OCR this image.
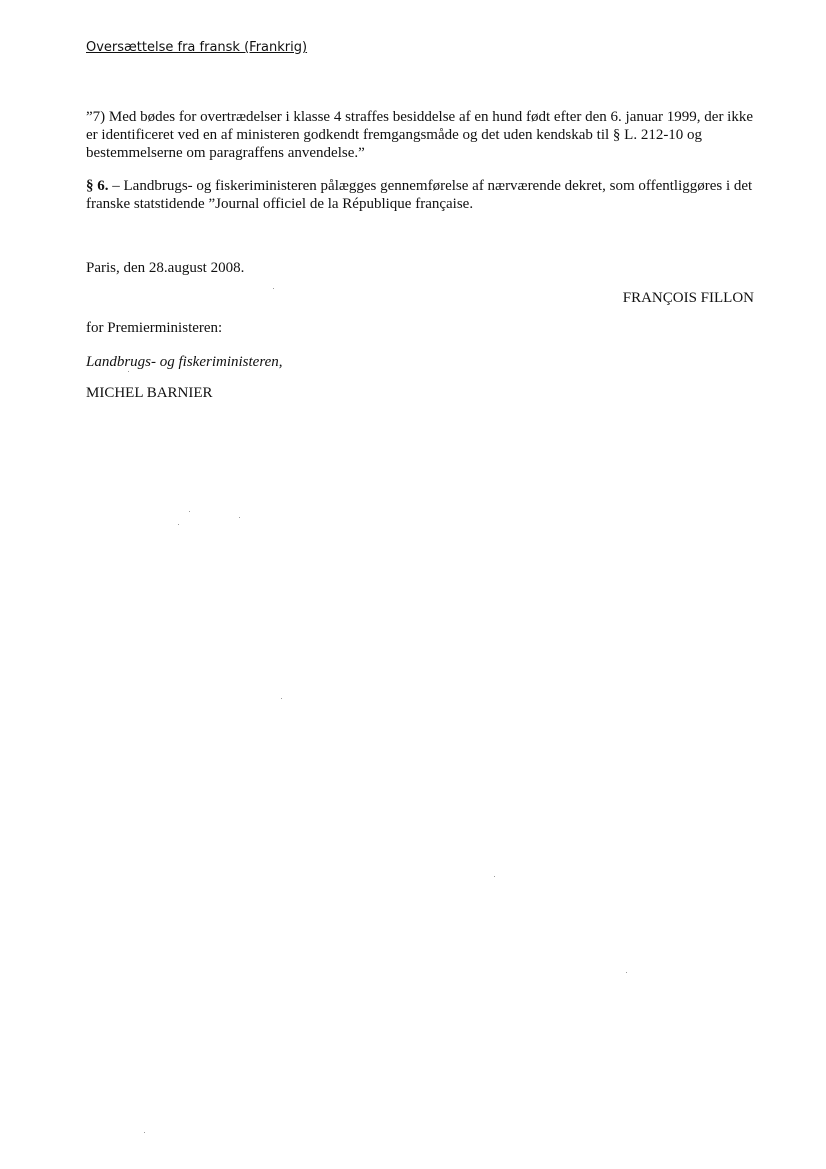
Oversættelse fra fransk (Frankrig)

”7) Med bødes for overtrædelser i klasse 4 straffes besiddelse af en hund født efter den 6. januar 1999, der ikke er identificeret ved en af ministeren godkendt fremgangsmåde og det uden kendskab til § L. 212-10 og bestemmelserne om paragraffens anvendelse.”

§ 6. – Landbrugs- og fiskeriministeren pålægges gennemførelse af nærværende dekret, som offentliggøres i det franske statstidende ”Journal officiel de la République française.

Paris, den 28.august 2008.
FRANÇOIS FILLON
for Premierministeren:
Landbrugs- og fiskeriministeren,
MICHEL BARNIER
